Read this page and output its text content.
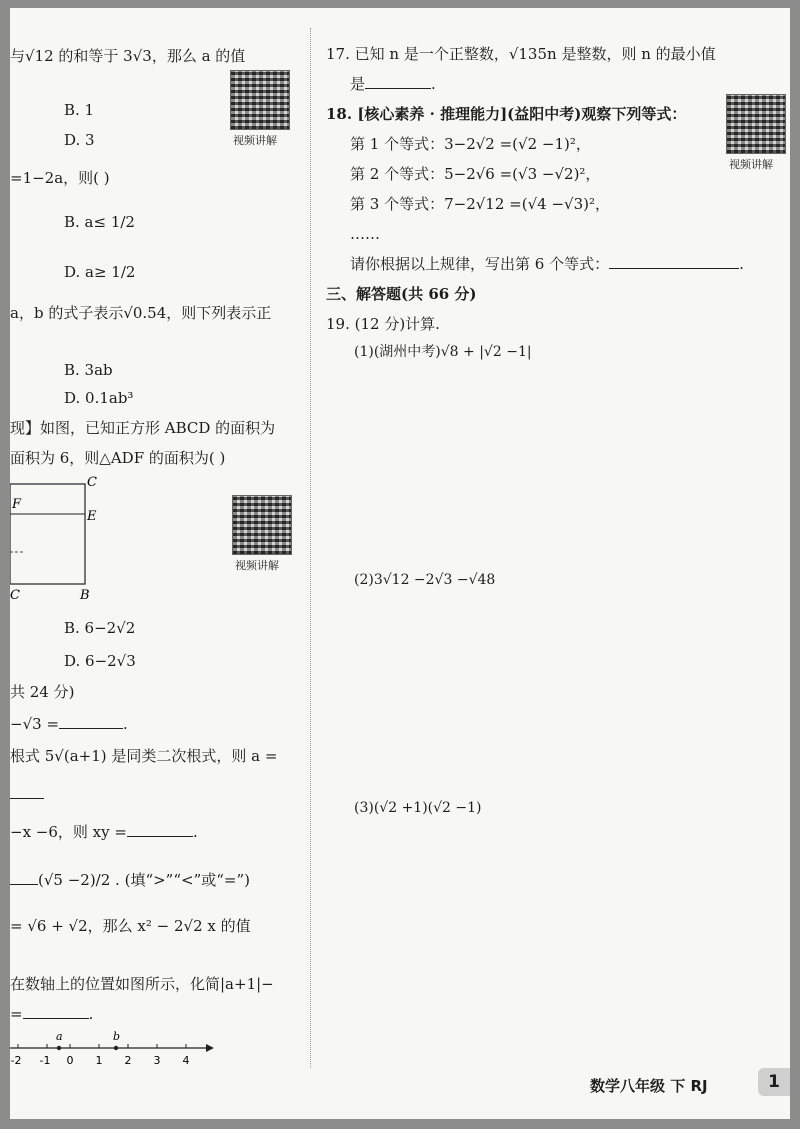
与√12 的和等于 3√3，那么 a 的值
B. 1
D. 3
=1−2a，则( )
B. a≤ 1/2
D. a≥ 1/2
a，b 的式子表示√0.54，则下列表示正
B. 3ab
D. 0.1ab³
现】如图，已知正方形 ABCD 的面积为
面积为 6，则△ADF 的面积为( )
C
F
E
B
C
B. 6−2√2
D. 6−2√3
共 24 分)
−√3 =	.
根式 5√(a+1) 是同类二次根式，则 a =
−x −6，则 xy =	.
(√5 −2)/2 . (填“>”“<”或“=”)
= √6 + √2，那么 x² − 2√2 x 的值
在数轴上的位置如图所示，化简|a+1|−
=	.
-2 -1 0 1 2 3 4
a	b
视频讲解
视频讲解
17. 已知 n 是一个正整数，√135n 是整数，则 n 的最小值
是	.
18. [核心素养 · 推理能力](益阳中考)观察下列等式：
第 1 个等式：3−2√2 =(√2 −1)²，
第 2 个等式：5−2√6 =(√3 −√2)²，
第 3 个等式：7−2√12 =(√4 −√3)²，
……
请你根据以上规律，写出第 6 个等式：	.
视频讲解
三、解答题(共 66 分)
19. (12 分)计算.
(1)(湖州中考)√8 + |√2 −1|
(2)3√12 −2√3 −√48
(3)(√2 +1)(√2 −1)
数学八年级 下 RJ	1
